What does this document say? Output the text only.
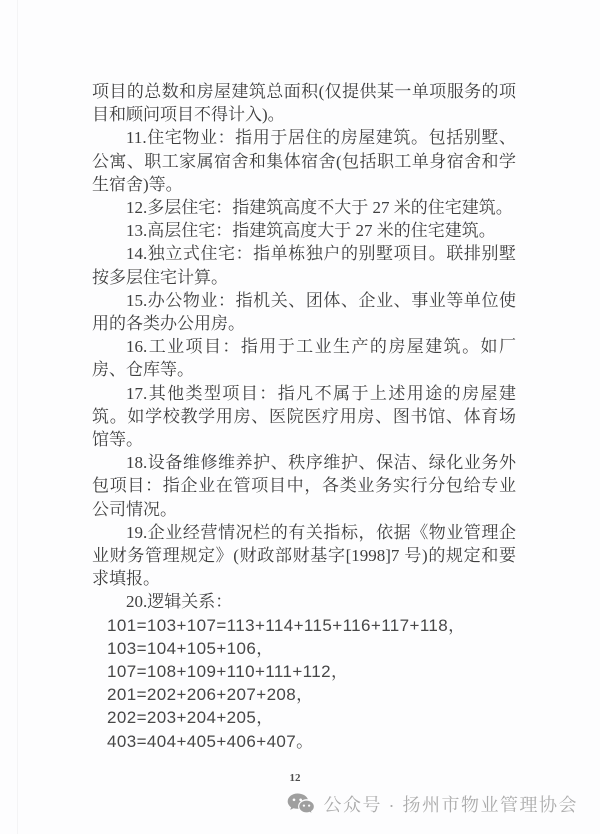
项目的总数和房屋建筑总面积(仅提供某一单项服务的项目和顾问项目不得计入)。

11.住宅物业：指用于居住的房屋建筑。包括别墅、公寓、职工家属宿舍和集体宿舍(包括职工单身宿舍和学生宿舍)等。

12.多层住宅：指建筑高度不大于 27 米的住宅建筑。

13.高层住宅：指建筑高度大于 27 米的住宅建筑。

14.独立式住宅：指单栋独户的别墅项目。联排别墅按多层住宅计算。

15.办公物业：指机关、团体、企业、事业等单位使用的各类办公用房。

16.工业项目：指用于工业生产的房屋建筑。如厂房、仓库等。

17.其他类型项目：指凡不属于上述用途的房屋建筑。如学校教学用房、医院医疗用房、图书馆、体育场馆等。

18.设备维修维养护、秩序维护、保洁、绿化业务外包项目：指企业在管项目中，各类业务实行分包给专业公司情况。

19.企业经营情况栏的有关指标，依据《物业管理企业财务管理规定》(财政部财基字[1998]7 号)的规定和要求填报。

20.逻辑关系：

101=103+107=113+114+115+116+117+118，
103=104+105+106，
107=108+109+110+111+112，
201=202+206+207+208，
202=203+204+205，
403=404+405+406+407。
12
公众号 · 扬州市物业管理协会
